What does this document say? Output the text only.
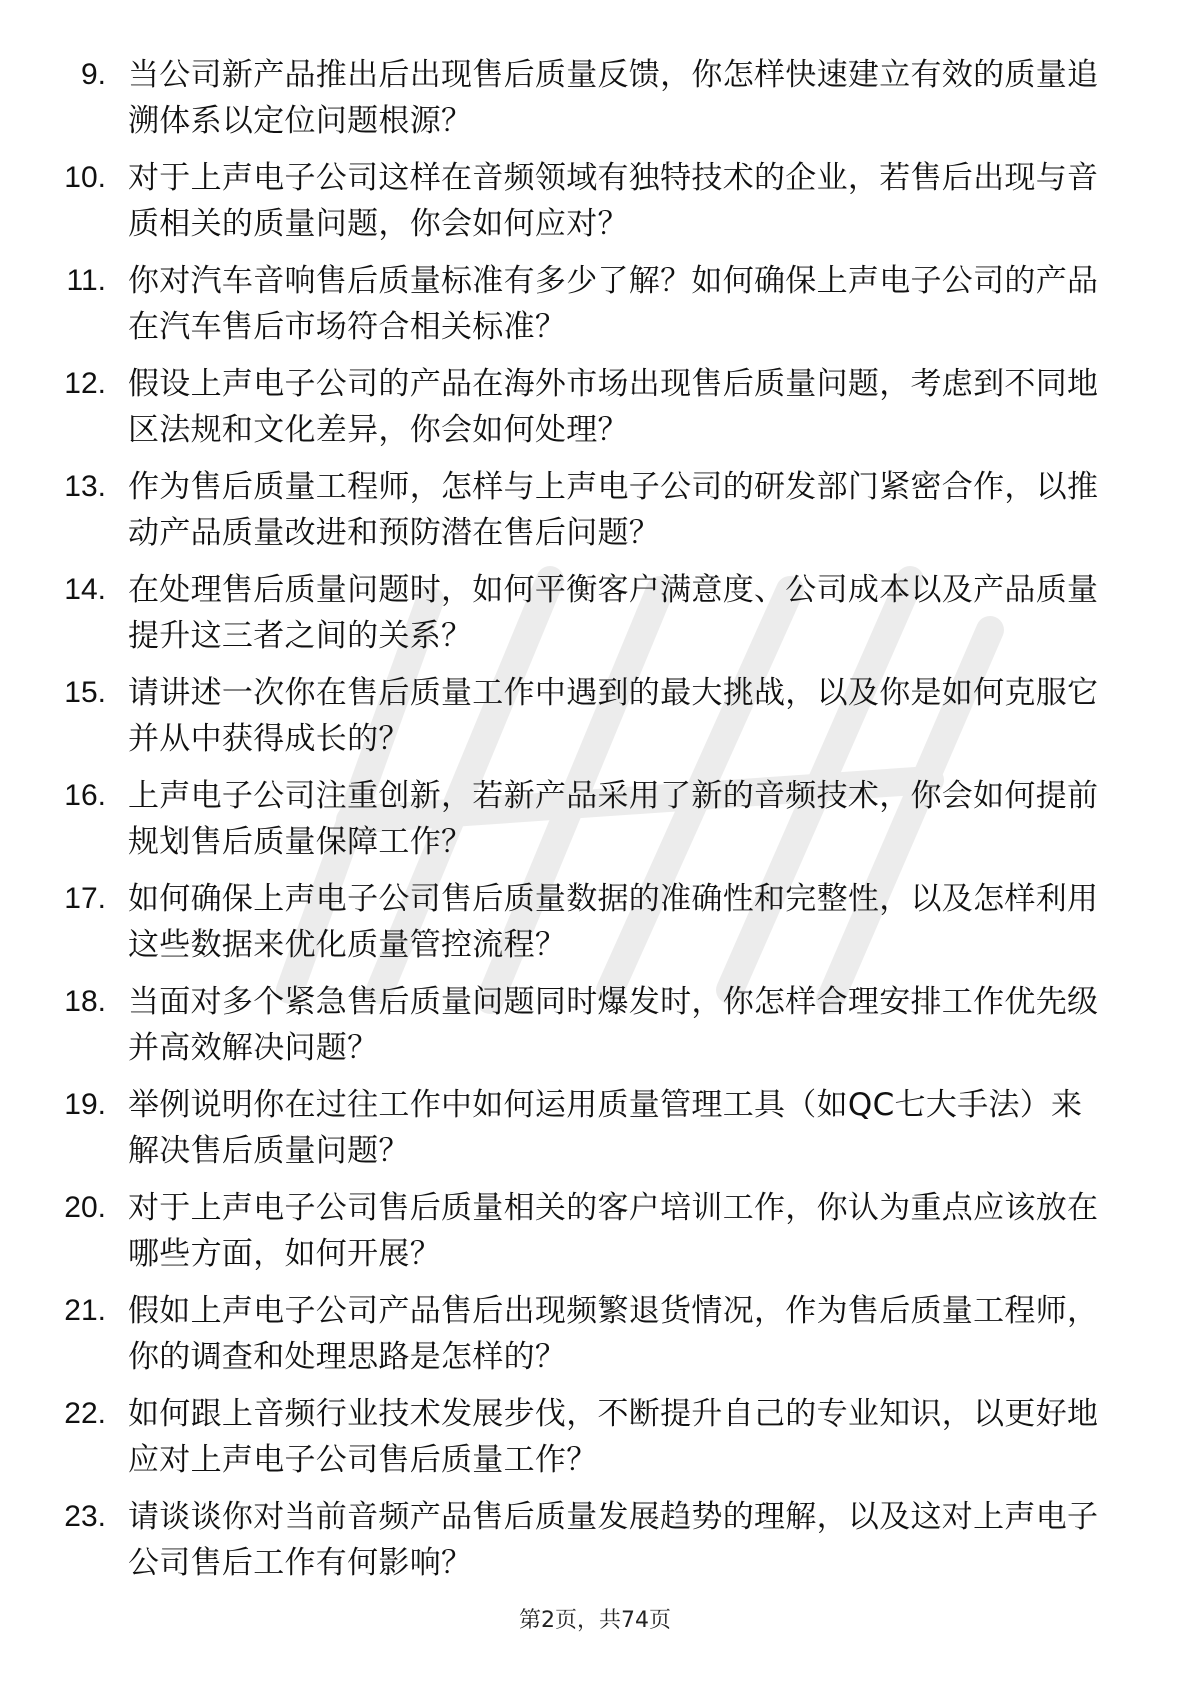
9. 当公司新产品推出后出现售后质量反馈，你怎样快速建立有效的质量追溯体系以定位问题根源？
10. 对于上声电子公司这样在音频领域有独特技术的企业，若售后出现与音质相关的质量问题，你会如何应对？
11. 你对汽车音响售后质量标准有多少了解？如何确保上声电子公司的产品在汽车售后市场符合相关标准？
12. 假设上声电子公司的产品在海外市场出现售后质量问题，考虑到不同地区法规和文化差异，你会如何处理？
13. 作为售后质量工程师，怎样与上声电子公司的研发部门紧密合作，以推动产品质量改进和预防潜在售后问题？
14. 在处理售后质量问题时，如何平衡客户满意度、公司成本以及产品质量提升这三者之间的关系？
15. 请讲述一次你在售后质量工作中遇到的最大挑战，以及你是如何克服它并从中获得成长的？
16. 上声电子公司注重创新，若新产品采用了新的音频技术，你会如何提前规划售后质量保障工作？
17. 如何确保上声电子公司售后质量数据的准确性和完整性，以及怎样利用这些数据来优化质量管控流程？
18. 当面对多个紧急售后质量问题同时爆发时，你怎样合理安排工作优先级并高效解决问题？
19. 举例说明你在过往工作中如何运用质量管理工具（如QC七大手法）来解决售后质量问题？
20. 对于上声电子公司售后质量相关的客户培训工作，你认为重点应该放在哪些方面，如何开展？
21. 假如上声电子公司产品售后出现频繁退货情况，作为售后质量工程师，你的调查和处理思路是怎样的？
22. 如何跟上音频行业技术发展步伐，不断提升自己的专业知识，以更好地应对上声电子公司售后质量工作？
23. 请谈谈你对当前音频产品售后质量发展趋势的理解，以及这对上声电子公司售后工作有何影响？
第2页，共74页
